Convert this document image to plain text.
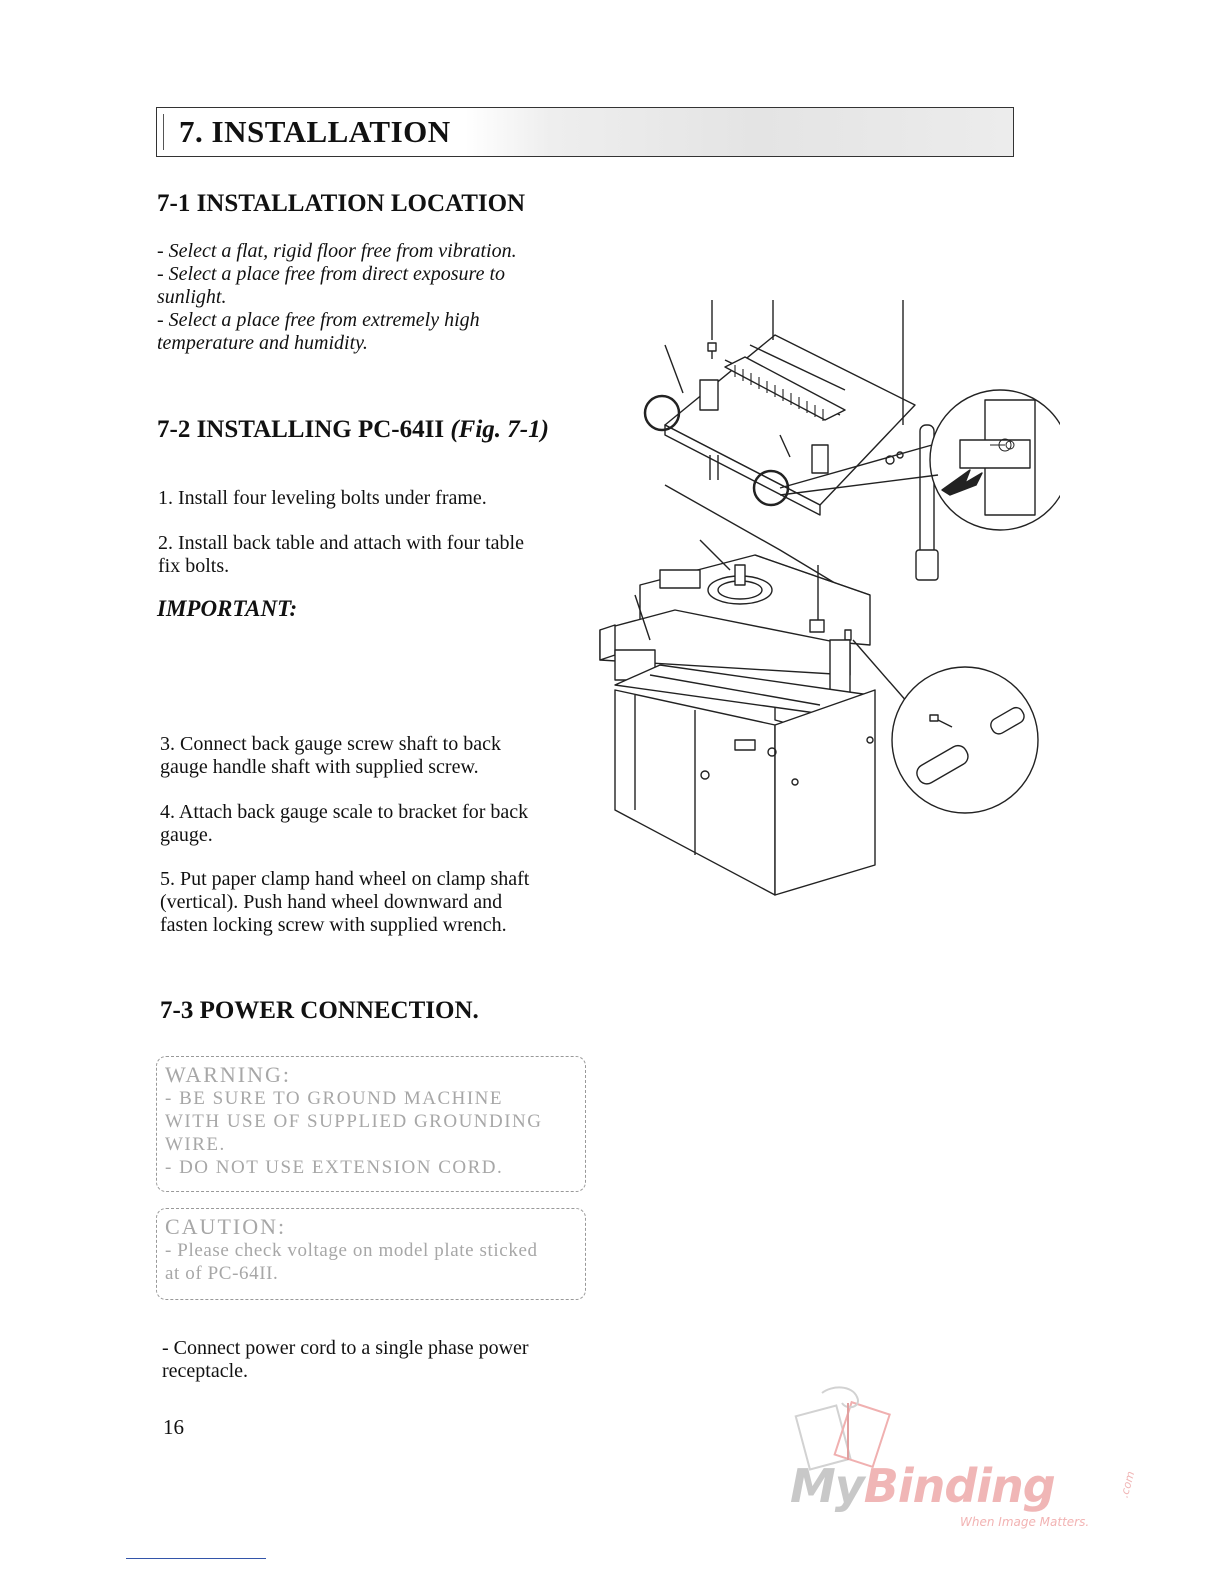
7. INSTALLATION
7-1 INSTALLATION LOCATION
- Select a flat, rigid floor free from vibration.
- Select a place free from direct exposure to
sunlight.
- Select a place free from extremely high
temperature and humidity.
7-2 INSTALLING PC-64II (Fig. 7-1)
1. Install four leveling bolts under frame.
2. Install back table and attach with four table
fix bolts.
IMPORTANT:
3. Connect back gauge screw shaft to back
gauge handle shaft with supplied screw.
4. Attach back gauge scale to bracket for back
gauge.
5. Put paper clamp hand wheel on clamp shaft
(vertical). Push hand wheel downward and
fasten locking screw with supplied wrench.
7-3 POWER CONNECTION.
WARNING:
- BE SURE TO GROUND MACHINE
WITH USE OF SUPPLIED GROUNDING
WIRE.
- DO NOT USE EXTENSION CORD.
CAUTION:
- Please check voltage on model plate sticked
at of PC-64II.
- Connect power cord to a single phase power
receptacle.
16
MyBinding	.com
When Image Matters.
